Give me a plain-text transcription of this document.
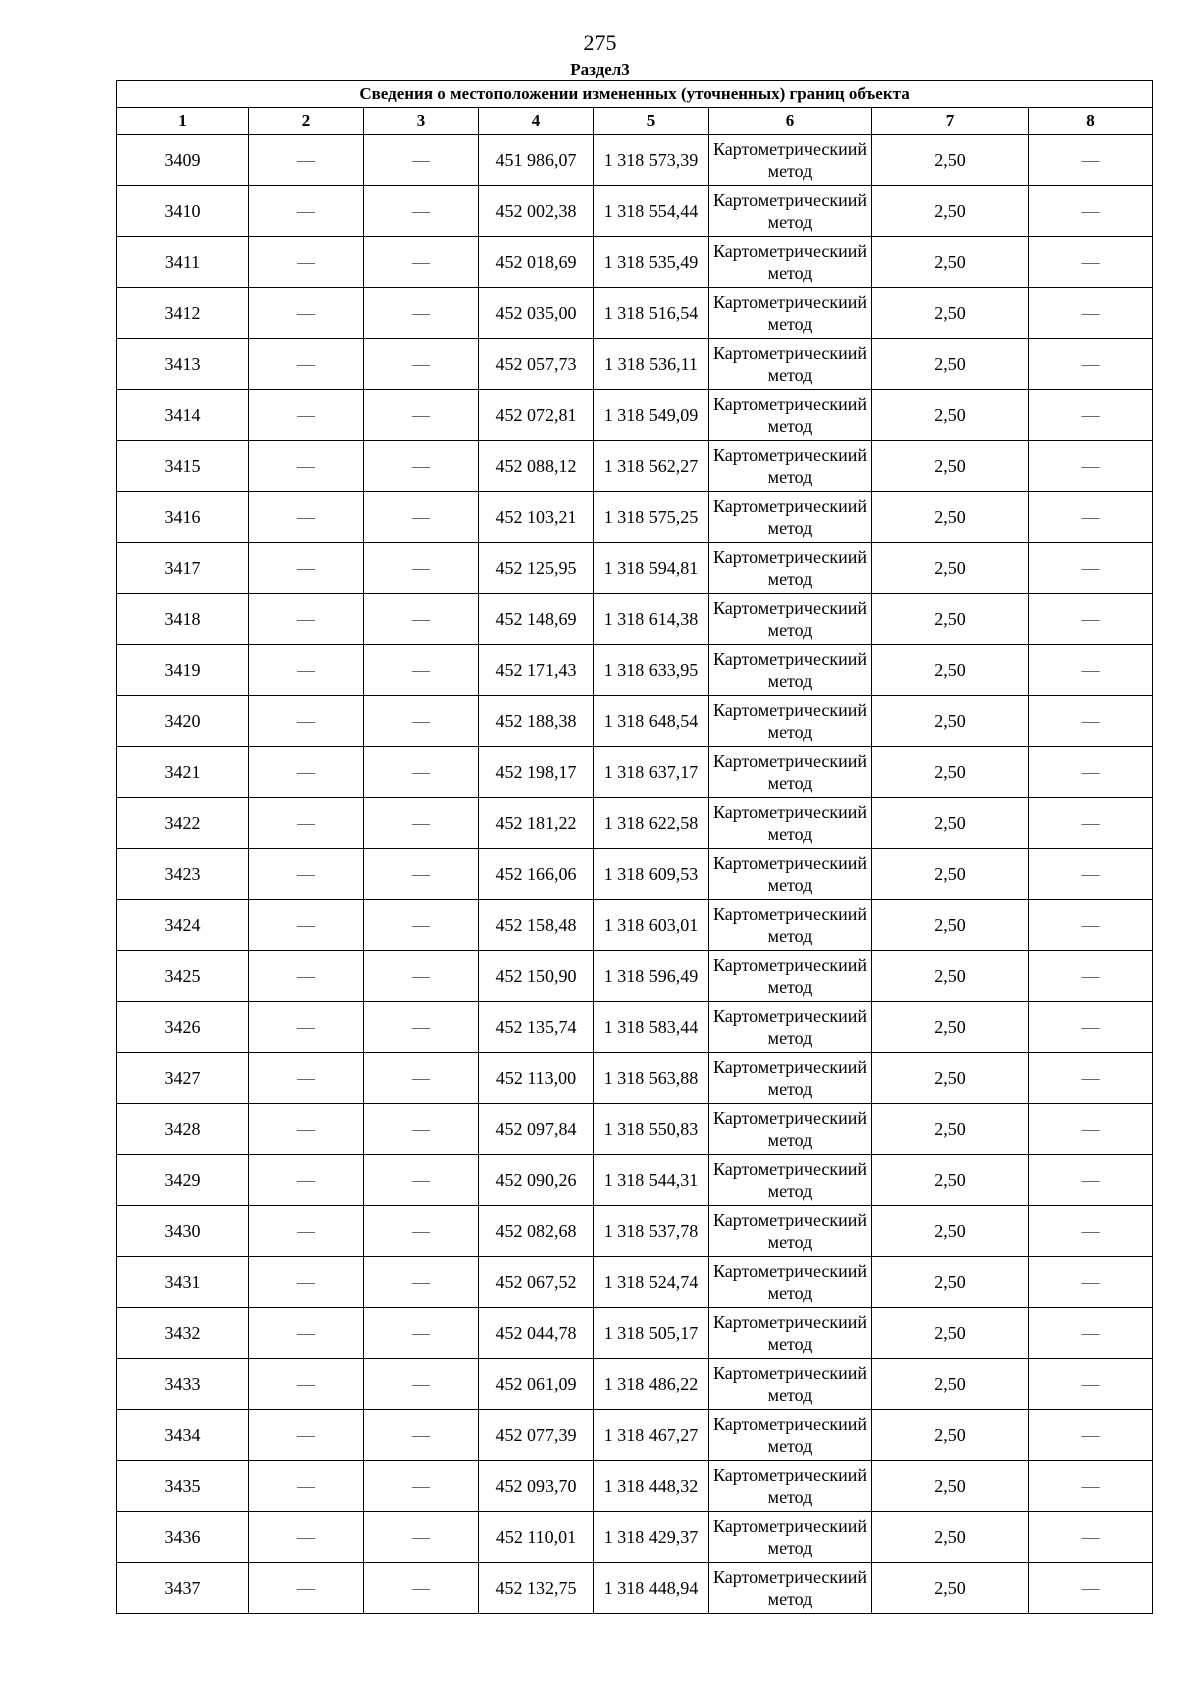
275
Раздел3
Сведения о местоположении измененных (уточненных) границ объекта							
1	2	3	4	5	6	7	8
3409	—	—	451 986,07	1 318 573,39	Картометрическиий метод	2,50	—
3410	—	—	452 002,38	1 318 554,44	Картометрическиий метод	2,50	—
3411	—	—	452 018,69	1 318 535,49	Картометрическиий метод	2,50	—
3412	—	—	452 035,00	1 318 516,54	Картометрическиий метод	2,50	—
3413	—	—	452 057,73	1 318 536,11	Картометрическиий метод	2,50	—
3414	—	—	452 072,81	1 318 549,09	Картометрическиий метод	2,50	—
3415	—	—	452 088,12	1 318 562,27	Картометрическиий метод	2,50	—
3416	—	—	452 103,21	1 318 575,25	Картометрическиий метод	2,50	—
3417	—	—	452 125,95	1 318 594,81	Картометрическиий метод	2,50	—
3418	—	—	452 148,69	1 318 614,38	Картометрическиий метод	2,50	—
3419	—	—	452 171,43	1 318 633,95	Картометрическиий метод	2,50	—
3420	—	—	452 188,38	1 318 648,54	Картометрическиий метод	2,50	—
3421	—	—	452 198,17	1 318 637,17	Картометрическиий метод	2,50	—
3422	—	—	452 181,22	1 318 622,58	Картометрическиий метод	2,50	—
3423	—	—	452 166,06	1 318 609,53	Картометрическиий метод	2,50	—
3424	—	—	452 158,48	1 318 603,01	Картометрическиий метод	2,50	—
3425	—	—	452 150,90	1 318 596,49	Картометрическиий метод	2,50	—
3426	—	—	452 135,74	1 318 583,44	Картометрическиий метод	2,50	—
3427	—	—	452 113,00	1 318 563,88	Картометрическиий метод	2,50	—
3428	—	—	452 097,84	1 318 550,83	Картометрическиий метод	2,50	—
3429	—	—	452 090,26	1 318 544,31	Картометрическиий метод	2,50	—
3430	—	—	452 082,68	1 318 537,78	Картометрическиий метод	2,50	—
3431	—	—	452 067,52	1 318 524,74	Картометрическиий метод	2,50	—
3432	—	—	452 044,78	1 318 505,17	Картометрическиий метод	2,50	—
3433	—	—	452 061,09	1 318 486,22	Картометрическиий метод	2,50	—
3434	—	—	452 077,39	1 318 467,27	Картометрическиий метод	2,50	—
3435	—	—	452 093,70	1 318 448,32	Картометрическиий метод	2,50	—
3436	—	—	452 110,01	1 318 429,37	Картометрическиий метод	2,50	—
3437	—	—	452 132,75	1 318 448,94	Картометрическиий метод	2,50	—
